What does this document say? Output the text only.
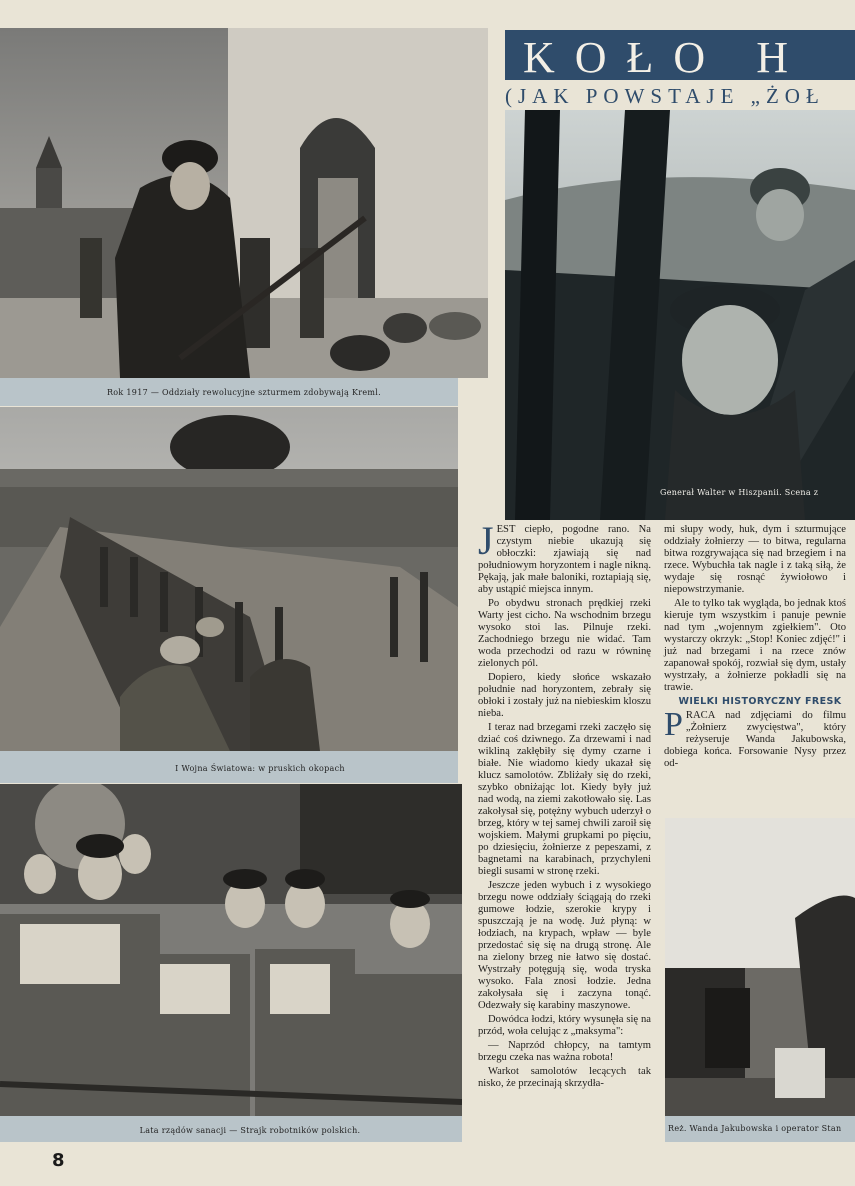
Rok 1917 — Oddziały rewolucyjne szturmem zdobywają Kreml.
I Wojna Światowa: w pruskich okopach
Lata rządów sanacji — Strajk robotników polskich.
KOŁO H
(JAK POWSTAJE „ŻOŁ
Generał Walter w Hiszpanii. Scena z
Reż. Wanda Jakubowska i operator Stan

JEST ciepło, pogodne rano. Na czystym niebie ukazują się obłoczki: zjawiają się nad południowym horyzontem i nagle nikną. Pękają, jak małe baloniki, roztapiają się, aby ustąpić miejsca innym.

Po obydwu stronach prędkiej rzeki Warty jest cicho. Na wschodnim brzegu wysoko stoi las. Pilnuje rzeki. Zachodniego brzegu nie widać. Tam woda przechodzi od razu w równinę zielonych pól.

Dopiero, kiedy słońce wskazało południe nad horyzontem, zebrały się obłoki i zostały już na niebieskim kloszu nieba.

I teraz nad brzegami rzeki zaczęło się dziać coś dziwnego. Za drzewami i nad wikliną zakłębiły się dymy czarne i białe. Nie wiadomo kiedy ukazał się klucz samolotów. Zbliżały się do rzeki, szybko obniżając lot. Kiedy były już nad wodą, na ziemi zakotłowało się. Las zakołysał się, potężny wybuch uderzył o brzeg, który w tej samej chwili zaroił się wojskiem. Małymi grupkami po pięciu, po dziesięciu, żołnierze z pepeszami, z bagnetami na karabinach, przychyleni biegli susami w stronę rzeki.

Jeszcze jeden wybuch i z wysokiego brzegu nowe oddziały ściągają do rzeki gumowe łodzie, szerokie krypy i spuszczają je na wodę. Już płyną: w łodziach, na krypach, wpław — byle przedostać się się na drugą stronę. Ale na zielony brzeg nie łatwo się dostać. Wystrzały potęgują się, woda tryska wysoko. Fala znosi łodzie. Jedna zakołysała się i zaczyna tonąć. Odezwały się karabiny maszynowe.

Dowódca łodzi, który wysunęła się na przód, woła celując z „maksyma":

— Naprzód chłopcy, na tamtym brzegu czeka nas ważna robota!

Warkot samolotów lecących tak nisko, że przecinają skrzydła-

mi słupy wody, huk, dym i szturmujące oddziały żołnierzy — to bitwa, regularna bitwa rozgrywająca się nad brzegiem i na rzece. Wybuchła tak nagle i z taką siłą, że wydaje się rosnąć żywiołowo i niepowstrzymanie.

Ale to tylko tak wygląda, bo jednak ktoś kieruje tym wszystkim i panuje pewnie nad tym „wojennym zgiełkiem". Oto wystarczy okrzyk: „Stop! Koniec zdjęć!" i już nad brzegami i na rzece znów zapanował spokój, rozwiał się dym, ustały wystrzały, a żołnierze pokładli się na trawie.

WIELKI HISTORYCZNY FRESK

PRACA nad zdjęciami do filmu „Żołnierz zwycięstwa", który reżyseruje Wanda Jakubowska, dobiega końca. Forsowanie Nysy przez od-

8
